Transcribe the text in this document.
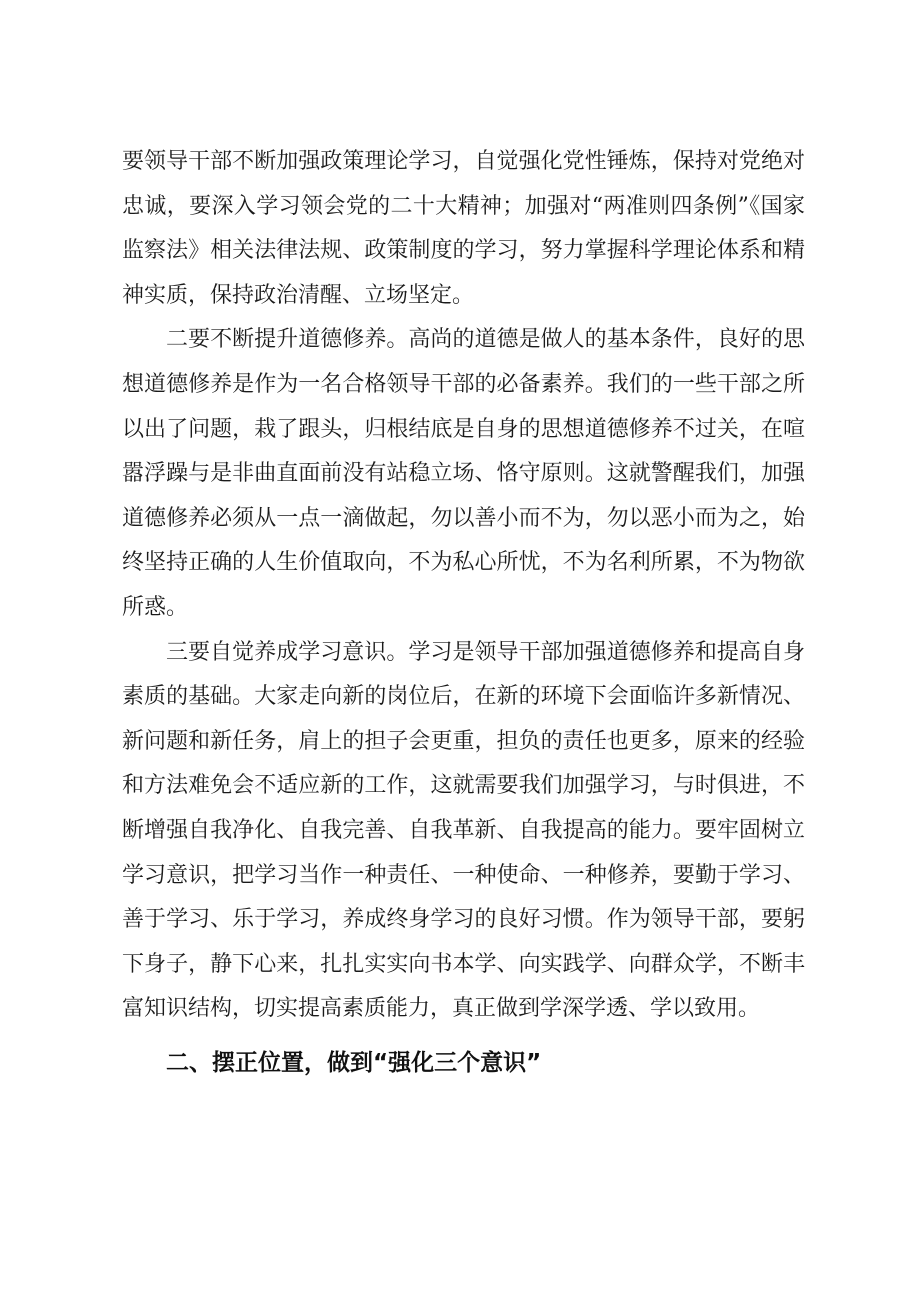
要领导干部不断加强政策理论学习，自觉强化党性锤炼，保持对党绝对忠诚，要深入学习领会党的二十大精神；加强对“两准则四条例”《国家监察法》相关法律法规、政策制度的学习，努力掌握科学理论体系和精神实质，保持政治清醒、立场坚定。

二要不断提升道德修养。高尚的道德是做人的基本条件，良好的思想道德修养是作为一名合格领导干部的必备素养。我们的一些干部之所以出了问题，栽了跟头，归根结底是自身的思想道德修养不过关，在喧嚣浮躁与是非曲直面前没有站稳立场、恪守原则。这就警醒我们，加强道德修养必须从一点一滴做起，勿以善小而不为，勿以恶小而为之，始终坚持正确的人生价值取向，不为私心所忧，不为名利所累，不为物欲所惑。

三要自觉养成学习意识。学习是领导干部加强道德修养和提高自身素质的基础。大家走向新的岗位后，在新的环境下会面临许多新情况、新问题和新任务，肩上的担子会更重，担负的责任也更多，原来的经验和方法难免会不适应新的工作，这就需要我们加强学习，与时俱进，不断增强自我净化、自我完善、自我革新、自我提高的能力。要牢固树立学习意识，把学习当作一种责任、一种使命、一种修养，要勤于学习、善于学习、乐于学习，养成终身学习的良好习惯。作为领导干部，要躬下身子，静下心来，扎扎实实向书本学、向实践学、向群众学，不断丰富知识结构，切实提高素质能力，真正做到学深学透、学以致用。

二、摆正位置，做到“强化三个意识”
